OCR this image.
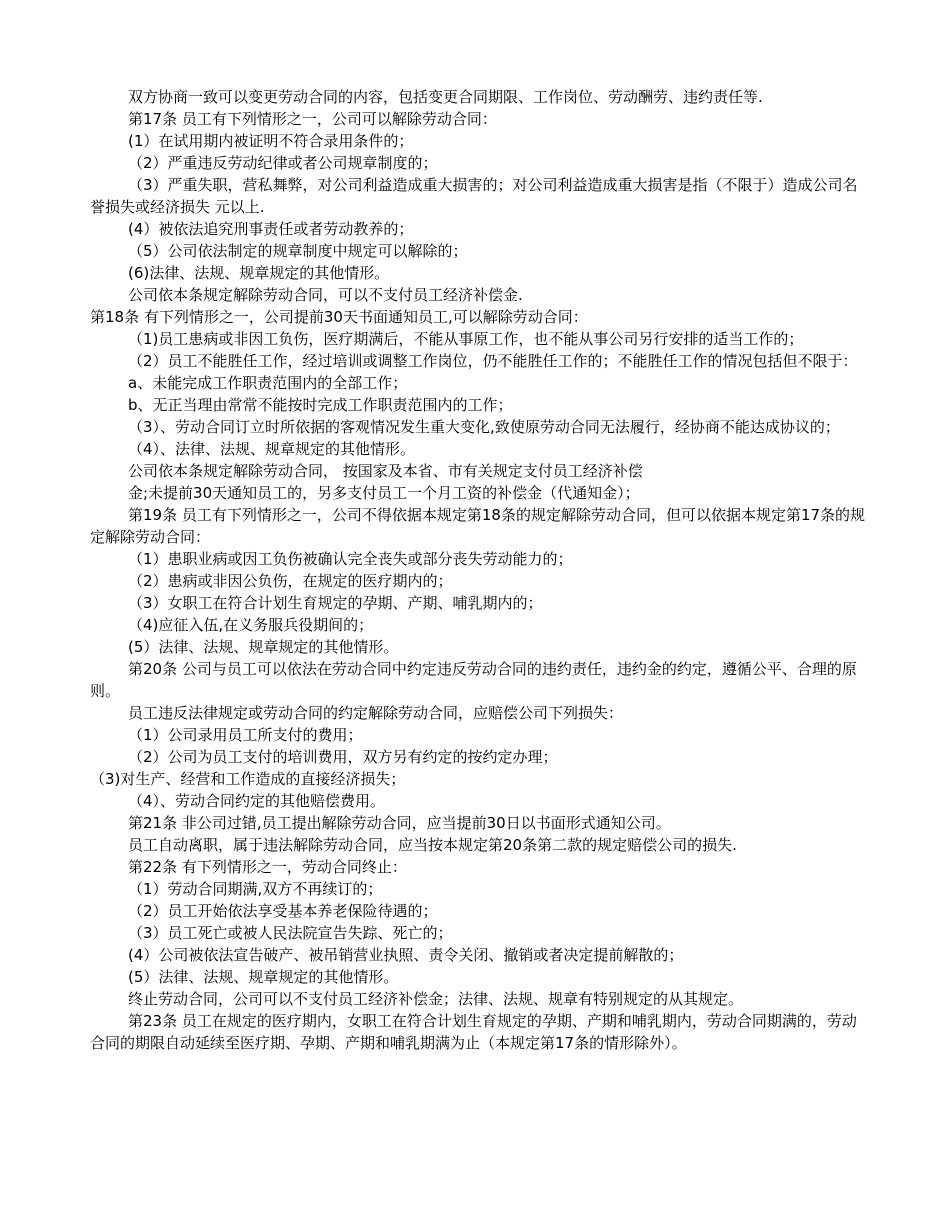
双方协商一致可以变更劳动合同的内容，包括变更合同期限、工作岗位、劳动酬劳、违约责任等.

第17条 员工有下列情形之一，公司可以解除劳动合同：

(1）在试用期内被证明不符合录用条件的；

（2）严重违反劳动纪律或者公司规章制度的；

（3）严重失职，营私舞弊，对公司利益造成重大损害的；对公司利益造成重大损害是指（不限于）造成公司名誉损失或经济损失 元以上.

(4）被依法追究刑事责任或者劳动教养的；

（5）公司依法制定的规章制度中规定可以解除的；

(6)法律、法规、规章规定的其他情形。

公司依本条规定解除劳动合同，可以不支付员工经济补偿金.

第18条 有下列情形之一，公司提前30天书面通知员工,可以解除劳动合同：

（1)员工患病或非因工负伤，医疗期满后，不能从事原工作，也不能从事公司另行安排的适当工作的；

（2）员工不能胜任工作，经过培训或调整工作岗位，仍不能胜任工作的；不能胜任工作的情况包括但不限于：

a、未能完成工作职责范围内的全部工作；

b、无正当理由常常不能按时完成工作职责范围内的工作；

（3）、劳动合同订立时所依据的客观情况发生重大变化,致使原劳动合同无法履行，经协商不能达成协议的；

（4）、法律、法规、规章规定的其他情形。

公司依本条规定解除劳动合同， 按国家及本省、市有关规定支付员工经济补偿

金;未提前30天通知员工的，另多支付员工一个月工资的补偿金（代通知金）；

第19条 员工有下列情形之一，公司不得依据本规定第18条的规定解除劳动合同，但可以依据本规定第17条的规定解除劳动合同：

（1）患职业病或因工负伤被确认完全丧失或部分丧失劳动能力的；

（2）患病或非因公负伤，在规定的医疗期内的；

（3）女职工在符合计划生育规定的孕期、产期、哺乳期内的；

（4)应征入伍,在义务服兵役期间的；

(5）法律、法规、规章规定的其他情形。

第20条 公司与员工可以依法在劳动合同中约定违反劳动合同的违约责任，违约金的约定，遵循公平、合理的原则。

员工违反法律规定或劳动合同的约定解除劳动合同，应赔偿公司下列损失：

（1）公司录用员工所支付的费用；

（2）公司为员工支付的培训费用，双方另有约定的按约定办理；

（3)对生产、经营和工作造成的直接经济损失；

（4）、劳动合同约定的其他赔偿费用。

第21条 非公司过错,员工提出解除劳动合同，应当提前30日以书面形式通知公司。

员工自动离职，属于违法解除劳动合同，应当按本规定第20条第二款的规定赔偿公司的损失.

第22条 有下列情形之一，劳动合同终止：

（1）劳动合同期满,双方不再续订的；

（2）员工开始依法享受基本养老保险待遇的；

（3）员工死亡或被人民法院宣告失踪、死亡的；

(4）公司被依法宣告破产、被吊销营业执照、责令关闭、撤销或者决定提前解散的；

(5）法律、法规、规章规定的其他情形。

终止劳动合同，公司可以不支付员工经济补偿金；法律、法规、规章有特别规定的从其规定。

第23条 员工在规定的医疗期内，女职工在符合计划生育规定的孕期、产期和哺乳期内，劳动合同期满的，劳动合同的期限自动延续至医疗期、孕期、产期和哺乳期满为止（本规定第17条的情形除外）。
